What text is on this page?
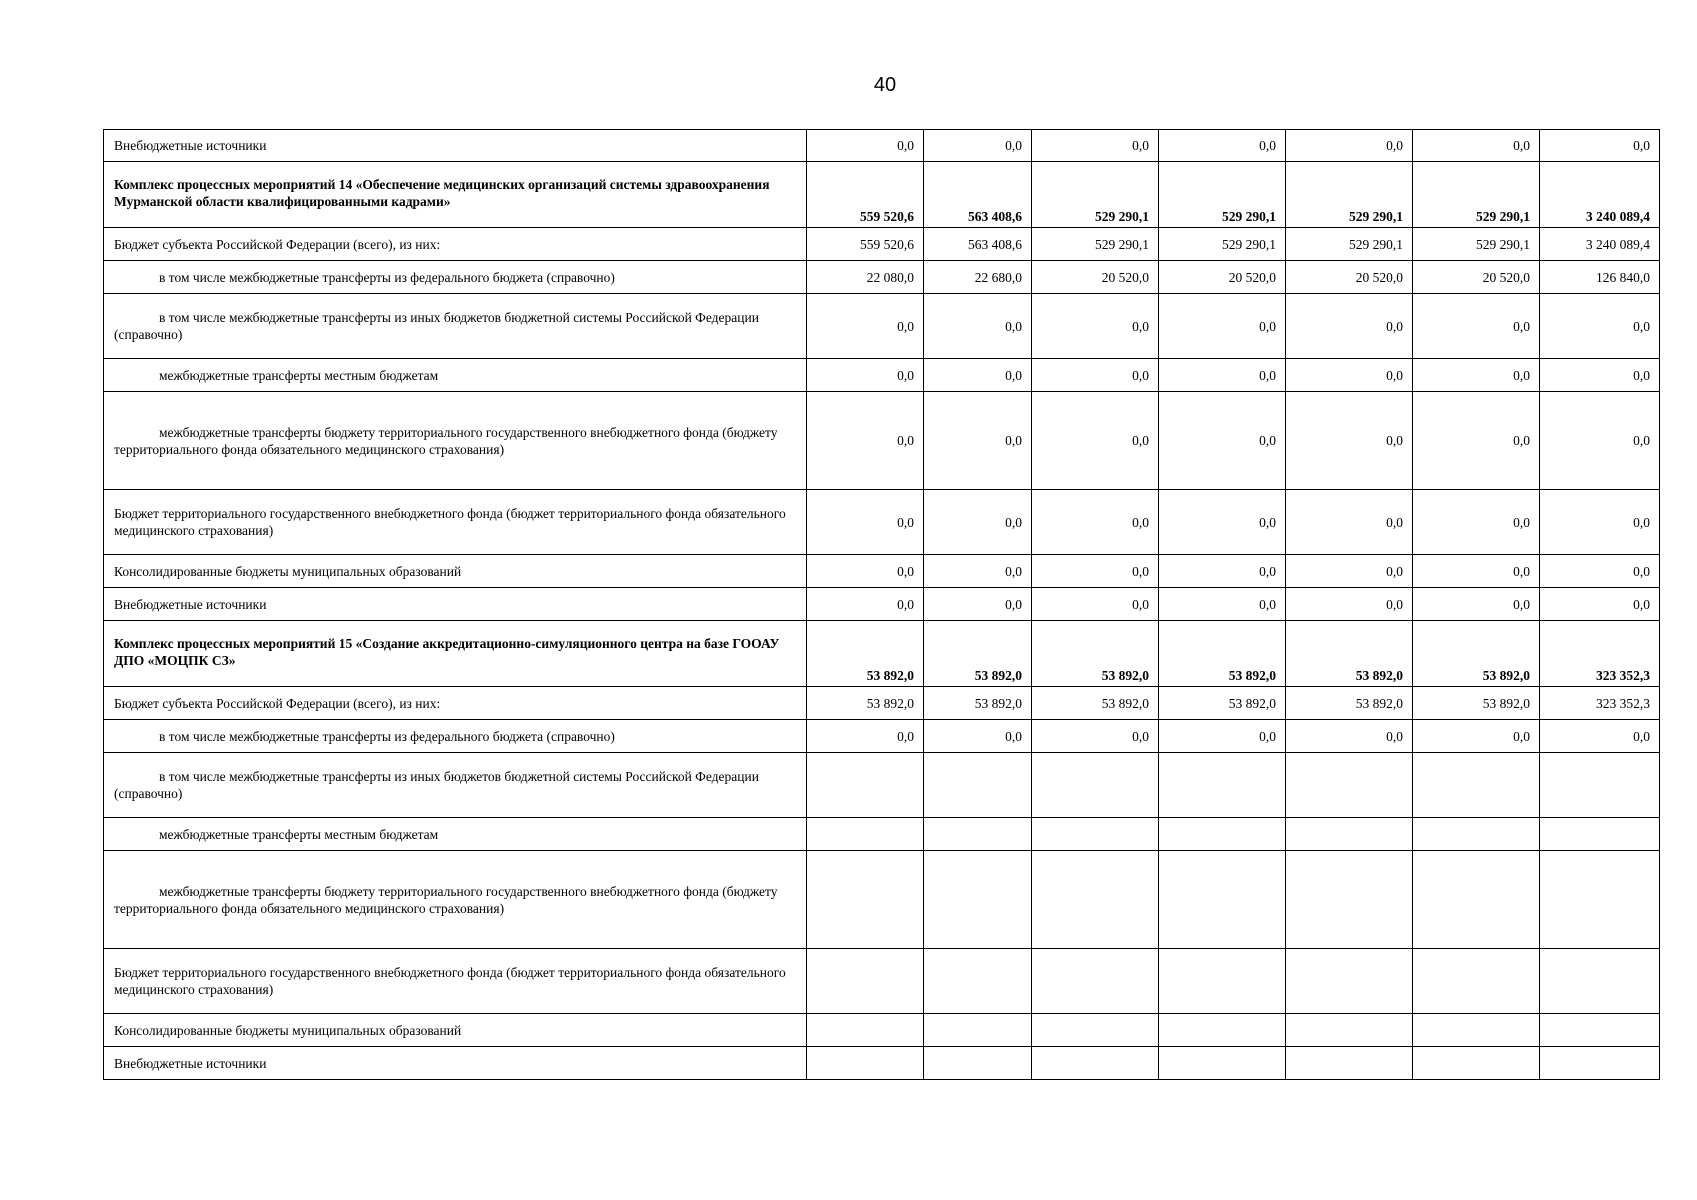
40
Внебюджетные источники	0,0	0,0	0,0	0,0	0,0	0,0	0,0

Комплекс процессных мероприятий 14 «Обеспечение медицинских организаций системы здравоохранения Мурманской области квалифицированными кадрами»	559 520,6	563 408,6	529 290,1	529 290,1	529 290,1	529 290,1	3 240 089,4
Бюджет субъекта Российской Федерации (всего), из них:	559 520,6	563 408,6	529 290,1	529 290,1	529 290,1	529 290,1	3 240 089,4
в том числе межбюджетные трансферты из федерального бюджета (справочно)	22 080,0	22 680,0	20 520,0	20 520,0	20 520,0	20 520,0	126 840,0
в том числе межбюджетные трансферты из иных бюджетов бюджетной системы Российской Федерации (справочно)	0,0	0,0	0,0	0,0	0,0	0,0	0,0
межбюджетные трансферты местным бюджетам	0,0	0,0	0,0	0,0	0,0	0,0	0,0
межбюджетные трансферты бюджету территориального государственного внебюджетного фонда (бюджету территориального фонда обязательного медицинского страхования)	0,0	0,0	0,0	0,0	0,0	0,0	0,0
Бюджет территориального государственного внебюджетного фонда (бюджет территориального фонда обязательного медицинского страхования)	0,0	0,0	0,0	0,0	0,0	0,0	0,0
Консолидированные бюджеты муниципальных образований	0,0	0,0	0,0	0,0	0,0	0,0	0,0
Внебюджетные источники	0,0	0,0	0,0	0,0	0,0	0,0	0,0

Комплекс процессных мероприятий 15 «Создание аккредитационно-симуляционного центра на базе ГООАУ ДПО «МОЦПК СЗ»	53 892,0	53 892,0	53 892,0	53 892,0	53 892,0	53 892,0	323 352,3
Бюджет субъекта Российской Федерации (всего), из них:	53 892,0	53 892,0	53 892,0	53 892,0	53 892,0	53 892,0	323 352,3
в том числе межбюджетные трансферты из федерального бюджета (справочно)	0,0	0,0	0,0	0,0	0,0	0,0	0,0
в том числе межбюджетные трансферты из иных бюджетов бюджетной системы Российской Федерации (справочно)							
межбюджетные трансферты местным бюджетам							
межбюджетные трансферты бюджету территориального государственного внебюджетного фонда (бюджету территориального фонда обязательного медицинского страхования)							
Бюджет территориального государственного внебюджетного фонда (бюджет территориального фонда обязательного медицинского страхования)							
Консолидированные бюджеты муниципальных образований							
Внебюджетные источники							
